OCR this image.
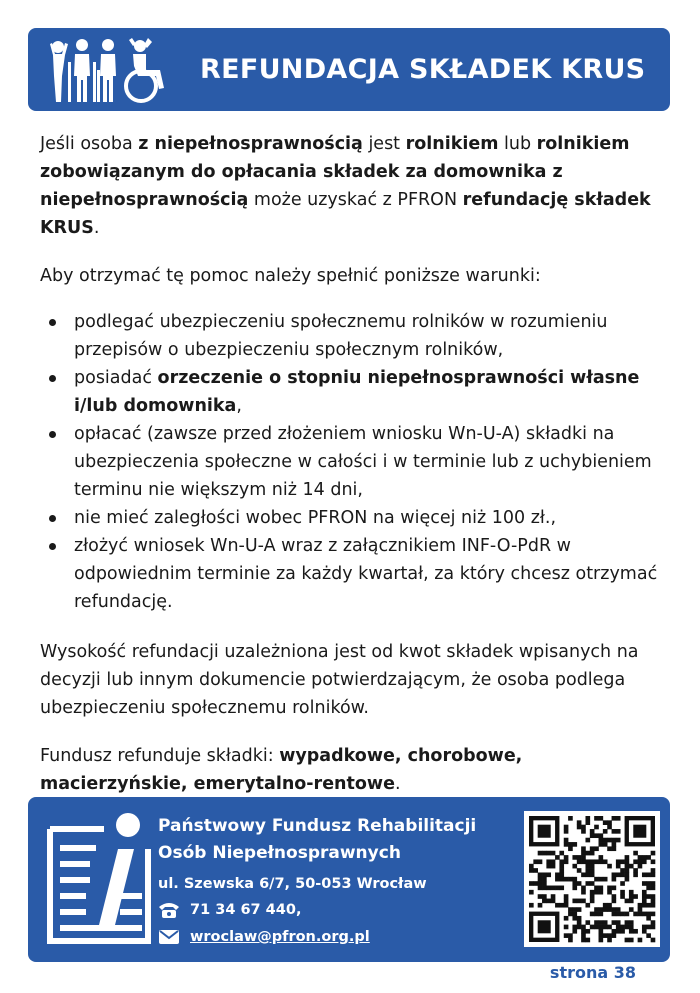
REFUNDACJA SKŁADEK KRUS

Jeśli osoba z niepełnosprawnością jest rolnikiem lub rolnikiem zobowiązanym do opłacania składek za domownika z niepełnosprawnością może uzyskać z PFRON refundację składek KRUS.

Aby otrzymać tę pomoc należy spełnić poniższe warunki:

podlegać ubezpieczeniu społecznemu rolników w rozumieniu przepisów o ubezpieczeniu społecznym rolników,
posiadać orzeczenie o stopniu niepełnosprawności własne i/lub domownika,
opłacać (zawsze przed złożeniem wniosku Wn-U-A) składki na ubezpieczenia społeczne w całości i w terminie lub z uchybieniem terminu nie większym niż 14 dni,
nie mieć zaległości wobec PFRON na więcej niż 100 zł.,
złożyć wniosek Wn-U-A wraz z załącznikiem INF-O-PdR w odpowiednim terminie za każdy kwartał, za który chcesz otrzymać refundację.

Wysokość refundacji uzależniona jest od kwot składek wpisanych na decyzji lub innym dokumencie potwierdzającym, że osoba podlega ubezpieczeniu społecznemu rolników.

Fundusz refunduje składki: wypadkowe, chorobowe, macierzyńskie, emerytalno-rentowe.

Państwowy Fundusz Rehabilitacji
Osób Niepełnosprawnych
ul. Szewska 6/7, 50-053 Wrocław
71 34 67 440,
wroclaw@pfron.org.pl
strona 38
